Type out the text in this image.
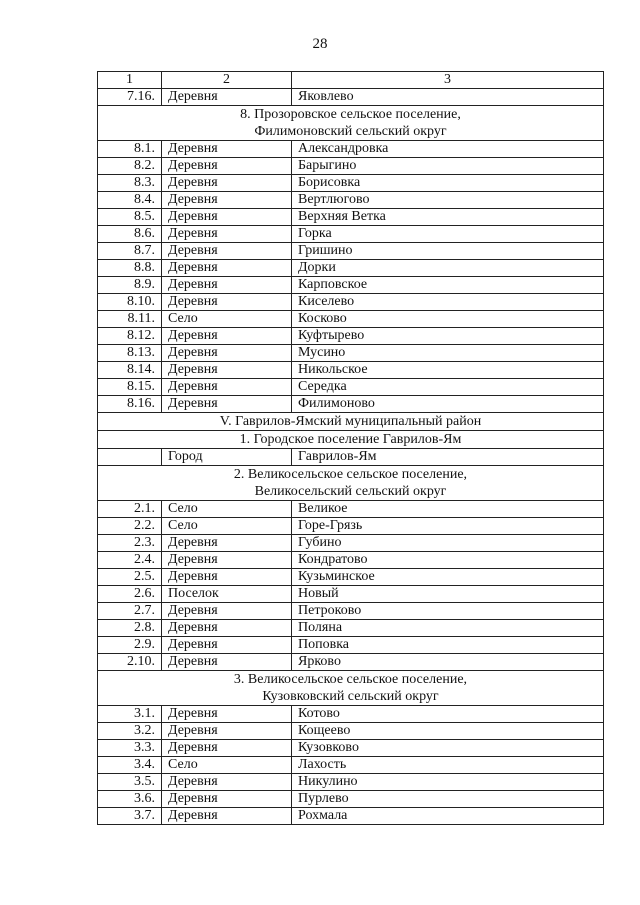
28
1	2	3
7.16.	Деревня	Яковлево

8. Прозоровское сельское поселение,
Филимоновский сельский округ		

8.1.	Деревня	Александровка
8.2.	Деревня	Барыгино
8.3.	Деревня	Борисовка
8.4.	Деревня	Вертлюгово
8.5.	Деревня	Верхняя Ветка
8.6.	Деревня	Горка
8.7.	Деревня	Гришино
8.8.	Деревня	Дорки
8.9.	Деревня	Карповское
8.10.	Деревня	Киселево
8.11.	Село	Косково
8.12.	Деревня	Куфтырево
8.13.	Деревня	Мусино
8.14.	Деревня	Никольское
8.15.	Деревня	Середка
8.16.	Деревня	Филимоново

V. Гаврилов-Ямский муниципальный район		

1. Городское поселение Гаврилов-Ям		

	Город	Гаврилов-Ям

2. Великосельское сельское поселение,
Великосельский сельский округ		

2.1.	Село	Великое
2.2.	Село	Горе-Грязь
2.3.	Деревня	Губино
2.4.	Деревня	Кондратово
2.5.	Деревня	Кузьминское
2.6.	Поселок	Новый
2.7.	Деревня	Петроково
2.8.	Деревня	Поляна
2.9.	Деревня	Поповка
2.10.	Деревня	Ярково

3. Великосельское сельское поселение,
Кузовковский сельский округ		

3.1.	Деревня	Котово
3.2.	Деревня	Кощеево
3.3.	Деревня	Кузовково
3.4.	Село	Лахость
3.5.	Деревня	Никулино
3.6.	Деревня	Пурлево
3.7.	Деревня	Рохмала
